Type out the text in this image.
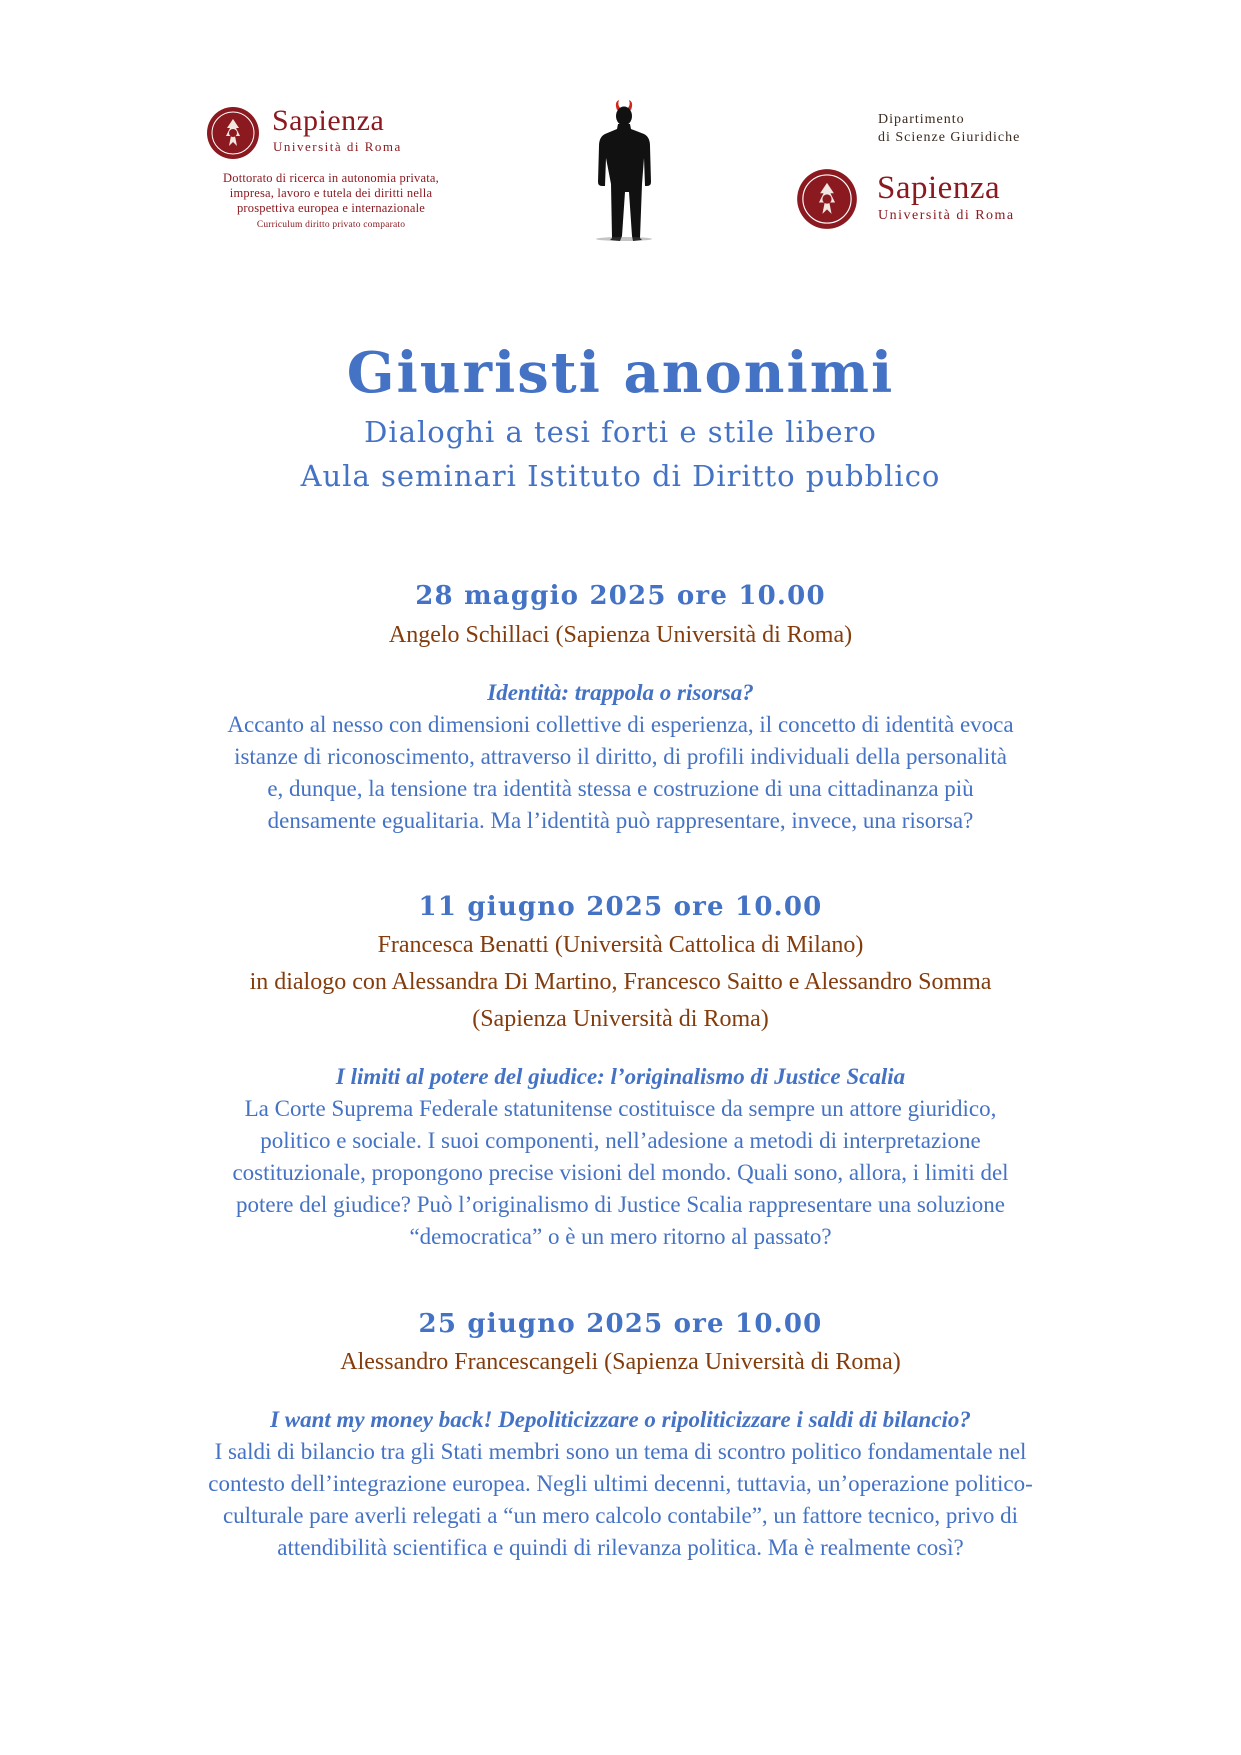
Sapienza
Università di Roma
Dottorato di ricerca in autonomia privata,
impresa, lavoro e tutela dei diritti nella
prospettiva europea e internazionale
Curriculum diritto privato comparato
Dipartimento
di Scienze Giuridiche
Sapienza
Università di Roma
Giuristi anonimi
Dialoghi a tesi forti e stile libero
Aula seminari Istituto di Diritto pubblico
28 maggio 2025 ore 10.00
Angelo Schillaci (Sapienza Università di Roma)
Identità: trappola o risorsa?
Accanto al nesso con dimensioni collettive di esperienza, il concetto di identità evoca
istanze di riconoscimento, attraverso il diritto, di profili individuali della personalità
e, dunque, la tensione tra identità stessa e costruzione di una cittadinanza più
densamente egualitaria. Ma l’identità può rappresentare, invece, una risorsa?
11 giugno 2025 ore 10.00
Francesca Benatti (Università Cattolica di Milano)
in dialogo con Alessandra Di Martino, Francesco Saitto e Alessandro Somma
(Sapienza Università di Roma)
I limiti al potere del giudice: l’originalismo di Justice Scalia
La Corte Suprema Federale statunitense costituisce da sempre un attore giuridico,
politico e sociale. I suoi componenti, nell’adesione a metodi di interpretazione
costituzionale, propongono precise visioni del mondo. Quali sono, allora, i limiti del
potere del giudice? Può l’originalismo di Justice Scalia rappresentare una soluzione
“democratica” o è un mero ritorno al passato?
25 giugno 2025 ore 10.00
Alessandro Francescangeli (Sapienza Università di Roma)
I want my money back! Depoliticizzare o ripoliticizzare i saldi di bilancio?
I saldi di bilancio tra gli Stati membri sono un tema di scontro politico fondamentale nel
contesto dell’integrazione europea. Negli ultimi decenni, tuttavia, un’operazione politico-
culturale pare averli relegati a “un mero calcolo contabile”, un fattore tecnico, privo di
attendibilità scientifica e quindi di rilevanza politica. Ma è realmente così?
